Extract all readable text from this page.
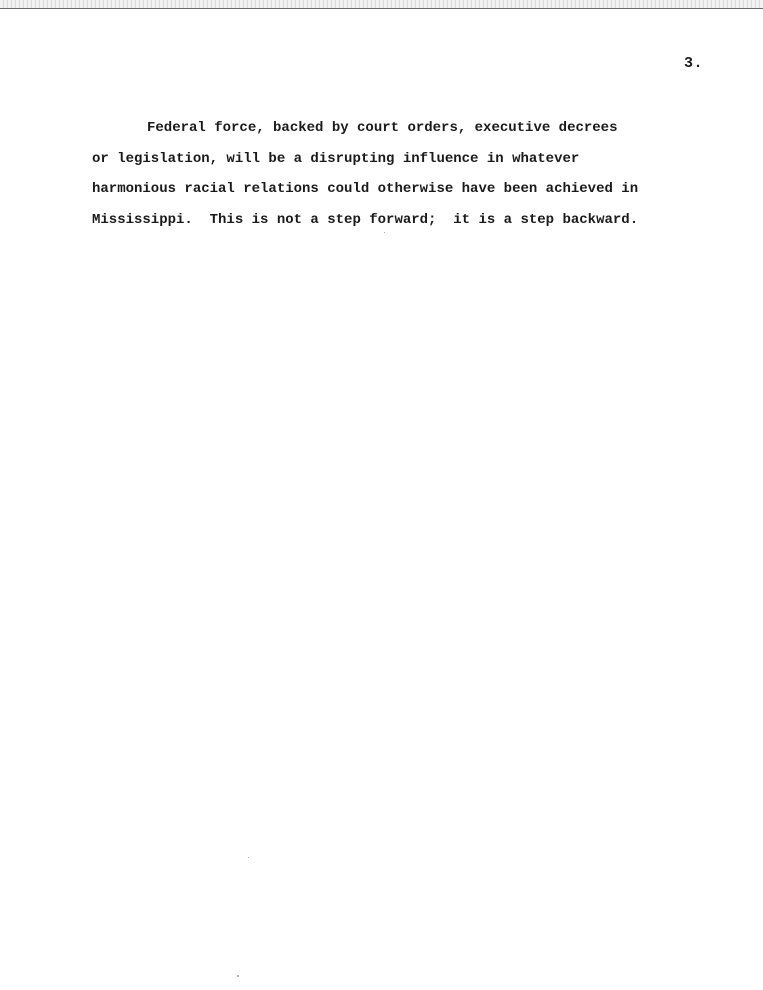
3.
Federal force, backed by court orders, executive decrees
or legislation, will be a disrupting influence in whatever
harmonious racial relations could otherwise have been achieved in
Mississippi.  This is not a step forward;  it is a step backward.
